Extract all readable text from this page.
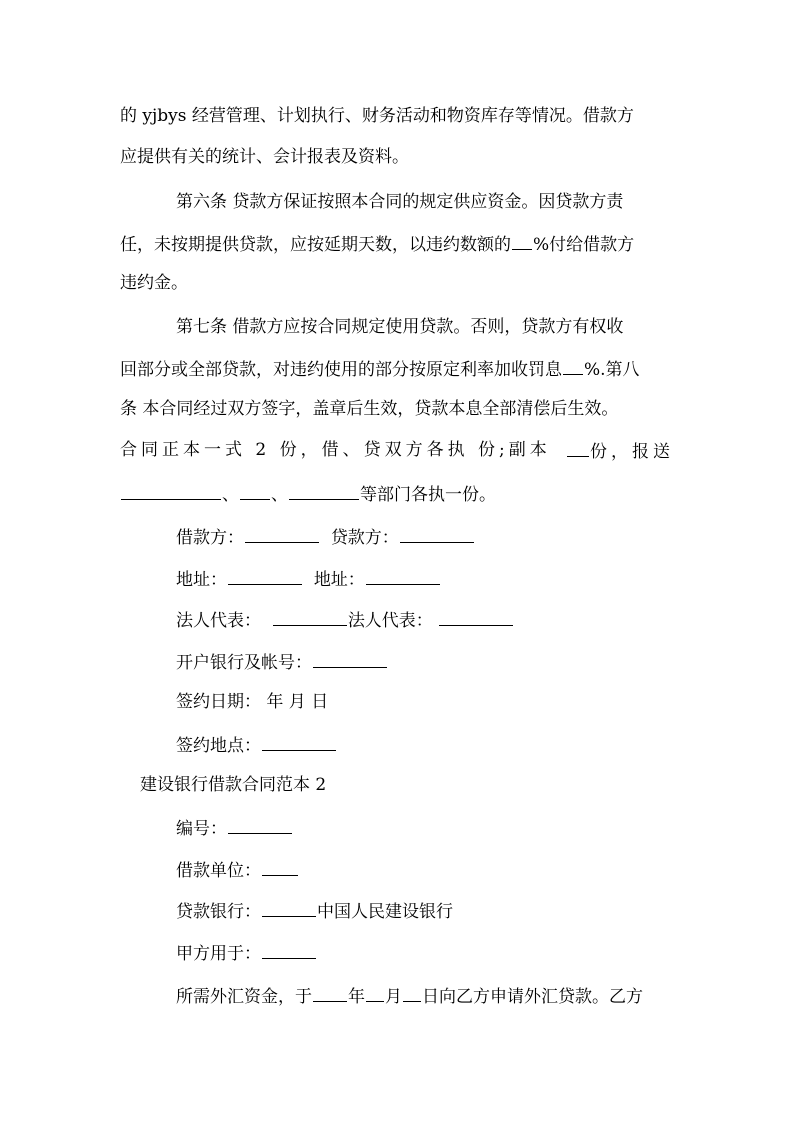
的 yjbys 经营管理、计划执行、财务活动和物资库存等情况。借款方
应提供有关的统计、会计报表及资料。
第六条 贷款方保证按照本合同的规定供应资金。因贷款方责
任，未按期提供贷款，应按延期天数，以违约数额的 %付给借款方
违约金。
第七条 借款方应按合同规定使用贷款。否则，贷款方有权收
回部分或全部贷款，对违约使用的部分按原定利率加收罚息 %.第八
条 本合同经过双方签字，盖章后生效，贷款本息全部清偿后生效。
合同正本一式 2 份，借、贷双方各执 份;副本	份，报送
、 、	等部门各执一份。
借款方：	贷款方：
地址：	地址：
法人代表：	法人代表：
开户银行及帐号：
签约日期： 年 月 日
签约地点：
建设银行借款合同范本 2
编号：
借款单位：
贷款银行：	中国人民建设银行
甲方用于：
所需外汇资金，于 年 月 日向乙方申请外汇贷款。乙方
